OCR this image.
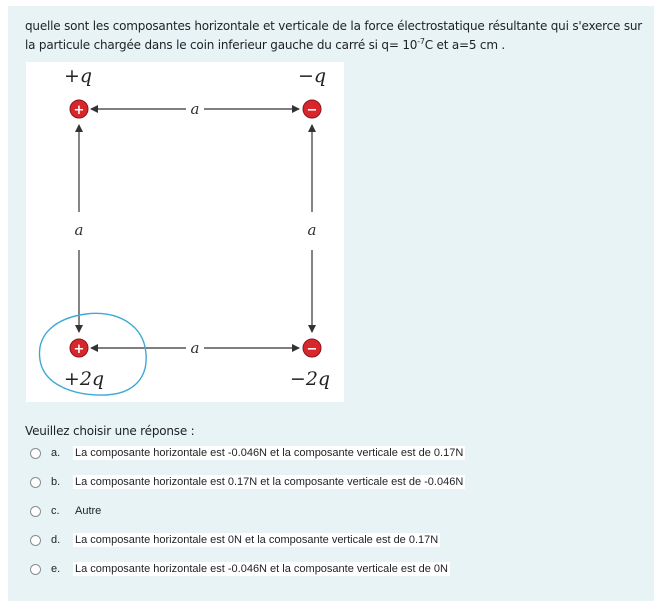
quelle sont les composantes horizontale et verticale de la force électrostatique résultante qui s'exerce sur la particule chargée dans le coin inferieur gauche du carré si $q= 10^{-7}C$ et a=5 cm .
a
a
a	a
+	−
+	−
+q	−q
+2q	−2q
Veuillez choisir une réponse :
a. La composante horizontale est -0.046N et la composante verticale est de 0.17N
b. La composante horizontale est 0.17N et la composante verticale est de -0.046N
c. Autre
d. La composante horizontale est 0N et la composante verticale est de 0.17N
e. La composante horizontale est -0.046N et la composante verticale est de 0N
